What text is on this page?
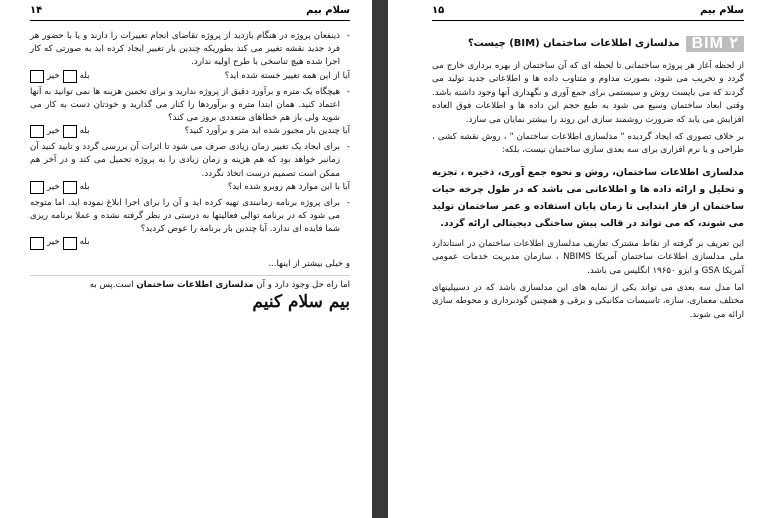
سلام بیم
۱۴
-
ذینفعان پروژه در هنگام بازدید از پروژه تقاضای انجام تغییرات را دارند و یا با حضور هر فرد جدید نقشه تغییر می کند بطوریکه چندین بار تغییر ایجاد کرده اید به صورتی که کار اجرا شده هیچ تناسخی با طرح اولیه ندارد.
آیا از این همه تغییر خسته شده اید؟
بله
خیر
-
هیچگاه یک متره و برآورد دقیق از پروژه ندارید و برای تخمین هزینه ها نمی توانید به آنها اعتماد کنید. همان ابتدا متره و برآوردها را کنار می گذارید و خودتان دست به کار می شوید ولی باز هم خطاهای متعددی بروز می کند؟
آیا چندین بار مجبور شده اید متر و برآورد کنید؟
بله
خیر
-
برای ایجاد یک تغییر زمان زیادی صرف می شود تا اثرات آن بررسی گردد و تایید کنید آن زمانبر خواهد بود که هم هزینه و زمان زیادی را به پروژه تحمیل می کند و در آخر هم ممکن است تصمیم درست اتخاذ نگردد.
آیا با این موارد هم روبرو شده اید؟
بله
خیر
-
برای پروژه برنامه زمانبندی تهیه کرده اید و آن را برای اجرا ابلاغ نموده اید. اما متوجه می شود که در برنامه توالی فعالیتها به درستی در نظر گرفته نشده و عملا برنامه ریزی شما فایده ای ندارد. آیا چندین بار برنامه را عوض کردید؟
بله
خیر

و خیلی بیشتر از اینها...

اما راه حل وجود دارد و آن مدلسازی اطلاعات ساختمان است.پس به

بیم سلام کنیم
سلام بیم
۱۵
BIM ۲
مدلسازی اطلاعات ساختمان (BIM) چیست؟

از لحظه آغاز هر پروژه ساختمانی تا لحظه ای که آن ساختمان از بهره برداری خارج می گردد و تخریب می شود، بصورت مداوم و متناوب داده ها و اطلاعاتی جدید تولید می گردند که می بایست روش و سیستمی برای جمع آوری و نگهداری آنها وجود داشته باشد. وقتی ابعاد ساختمان وسیع می شود به طبع حجم این داده ها و اطلاعات فوق العاده افزایش می یابد که ضرورت روشمند سازی این روند را بیشتر نمایان می سازد.

بر خلاف تصوری که ایجاد گردیده " مدلسازی اطلاعات ساختمان " ، روش نقشه کشی ، طراحی و یا نرم افزاری برای سه بعدی سازی ساختمان نیست، بلکه:

مدلسازی اطلاعات ساختمان، روش و نحوه جمع آوری، ذخیره ، تجزیه و تحلیل و ارائه داده ها و اطلاعاتی می باشد که در طول چرخه حیات ساختمان از فاز ابتدایی تا زمان پایان استفاده و عمر ساختمان تولید می شوند، که می تواند در قالب پیش ساختگی دیجیتالی ارائه گردد.

این تعریف بر گرفته از نقاط مشترک تعاریف مدلسازی اطلاعات ساختمان در استاندارد ملی مدلسازی اطلاعات ساختمان آمریکا NBIMS ، سازمان مدیریت خدمات عمومی آمریکا GSA و ایزو ۱۹۶۵۰ انگلیس می باشد.

اما مدل سه بعدی می تواند یکی از نمایه های این مدلسازی باشد که در دسیپلینهای مختلف معماری، سازه، تاسیسات مکانیکی و برقی و همچنین گودبرداری و محوطه سازی ارائه می شوند.
